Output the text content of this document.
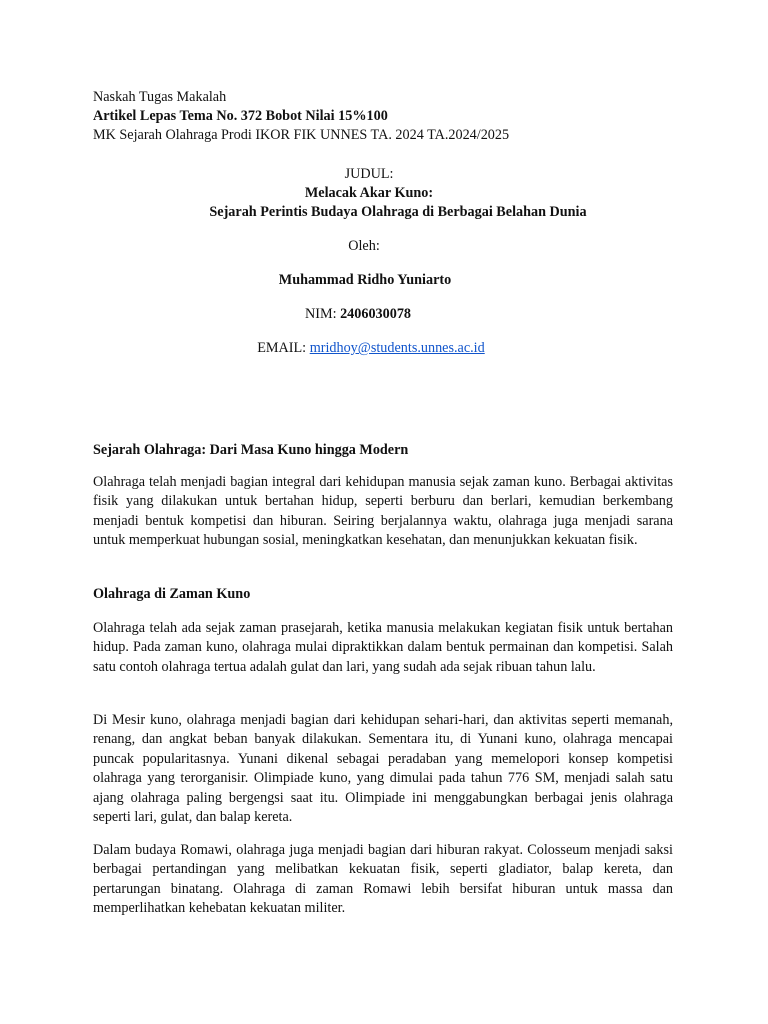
Naskah Tugas Makalah
Artikel Lepas Tema No. 372 Bobot Nilai 15%100
MK Sejarah Olahraga Prodi IKOR FIK UNNES TA. 2024 TA.2024/2025
JUDUL:
Melacak Akar Kuno:
Sejarah Perintis Budaya Olahraga di Berbagai Belahan Dunia
Oleh:
Muhammad Ridho Yuniarto
NIM: 2406030078
EMAIL: mridhoy@students.unnes.ac.id
Sejarah Olahraga: Dari Masa Kuno hingga Modern
Olahraga telah menjadi bagian integral dari kehidupan manusia sejak zaman kuno. Berbagai aktivitas fisik yang dilakukan untuk bertahan hidup, seperti berburu dan berlari, kemudian berkembang menjadi bentuk kompetisi dan hiburan. Seiring berjalannya waktu, olahraga juga menjadi sarana untuk memperkuat hubungan sosial, meningkatkan kesehatan, dan menunjukkan kekuatan fisik.
Olahraga di Zaman Kuno
Olahraga telah ada sejak zaman prasejarah, ketika manusia melakukan kegiatan fisik untuk bertahan hidup. Pada zaman kuno, olahraga mulai dipraktikkan dalam bentuk permainan dan kompetisi. Salah satu contoh olahraga tertua adalah gulat dan lari, yang sudah ada sejak ribuan tahun lalu.
Di Mesir kuno, olahraga menjadi bagian dari kehidupan sehari-hari, dan aktivitas seperti memanah, renang, dan angkat beban banyak dilakukan. Sementara itu, di Yunani kuno, olahraga mencapai puncak popularitasnya. Yunani dikenal sebagai peradaban yang memelopori konsep kompetisi olahraga yang terorganisir. Olimpiade kuno, yang dimulai pada tahun 776 SM, menjadi salah satu ajang olahraga paling bergengsi saat itu. Olimpiade ini menggabungkan berbagai jenis olahraga seperti lari, gulat, dan balap kereta.
Dalam budaya Romawi, olahraga juga menjadi bagian dari hiburan rakyat. Colosseum menjadi saksi berbagai pertandingan yang melibatkan kekuatan fisik, seperti gladiator, balap kereta, dan pertarungan binatang. Olahraga di zaman Romawi lebih bersifat hiburan untuk massa dan memperlihatkan kehebatan kekuatan militer.
